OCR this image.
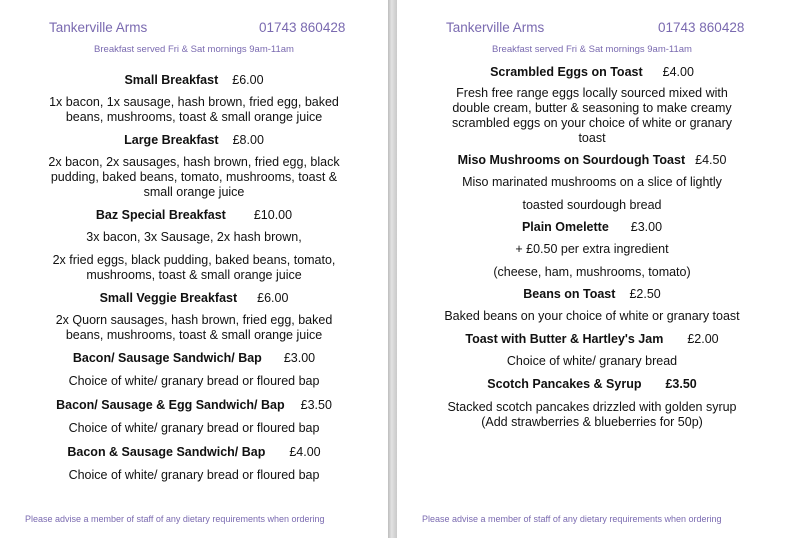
Tankerville Arms	01743 860428
Breakfast served Fri & Sat mornings 9am-11am
Small Breakfast £6.00

1x bacon, 1x sausage, hash brown, fried egg, baked

beans, mushrooms, toast & small orange juice

Large Breakfast £8.00

2x bacon, 2x sausages, hash brown, fried egg, black

pudding, baked beans, tomato, mushrooms, toast &

small orange juice

Baz Special Breakfast £10.00

3x bacon, 3x Sausage, 2x hash brown,

2x fried eggs, black pudding, baked beans, tomato,

mushrooms, toast & small orange juice

Small Veggie Breakfast £6.00

2x Quorn sausages, hash brown, fried egg, baked

beans, mushrooms, toast & small orange juice

Bacon/ Sausage Sandwich/ Bap £3.00

Choice of white/ granary bread or floured bap

Bacon/ Sausage & Egg Sandwich/ Bap £3.50

Choice of white/ granary bread or floured bap

Bacon & Sausage Sandwich/ Bap £4.00

Choice of white/ granary bread or floured bap

Please advise a member of staff of any dietary requirements when ordering
Tankerville Arms	01743 860428
Breakfast served Fri & Sat mornings 9am-11am
Scrambled Eggs on Toast £4.00

Fresh free range eggs locally sourced mixed with

double cream, butter & seasoning to make creamy

scrambled eggs on your choice of white or granary

toast

Miso Mushrooms on Sourdough Toast £4.50

Miso marinated mushrooms on a slice of lightly

toasted sourdough bread

Plain Omelette £3.00

+ £0.50 per extra ingredient

(cheese, ham, mushrooms, tomato)

Beans on Toast £2.50

Baked beans on your choice of white or granary toast

Toast with Butter & Hartley's Jam £2.00

Choice of white/ granary bread

Scotch Pancakes & Syrup £3.50

Stacked scotch pancakes drizzled with golden syrup

(Add strawberries & blueberries for 50p)

Please advise a member of staff of any dietary requirements when ordering
